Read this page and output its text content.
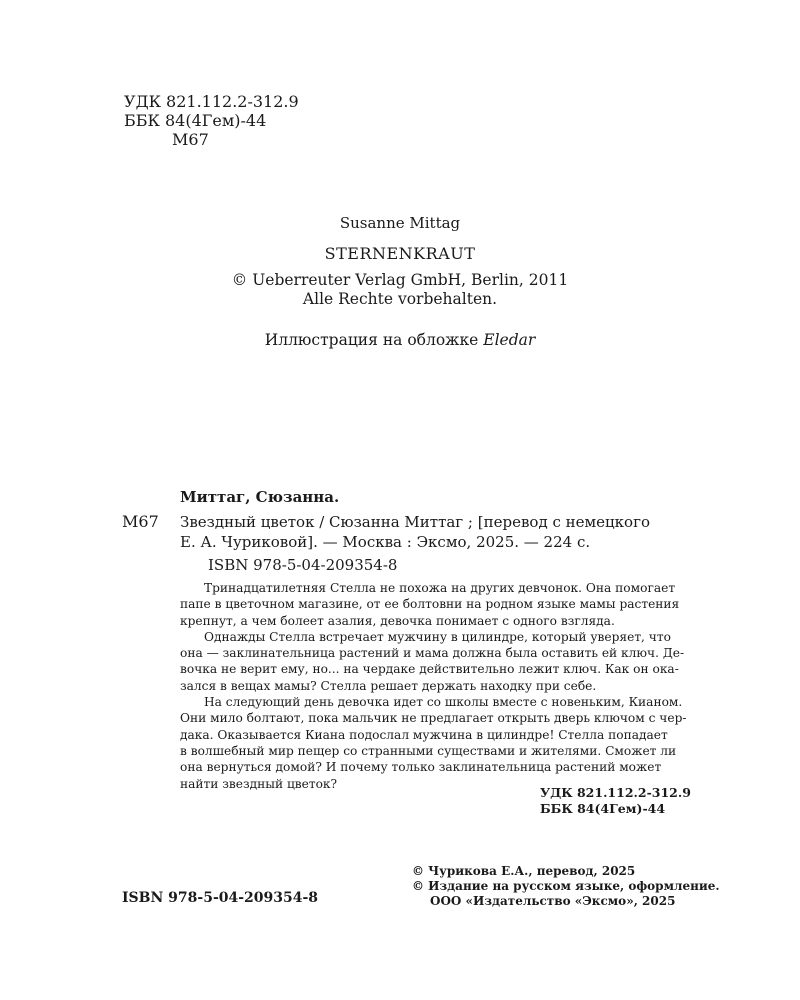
УДК 821.112.2-312.9
ББК 84(4Гем)-44
М67
Susanne Mittag
STERNENKRAUT
© Ueberreuter Verlag GmbH, Berlin, 2011
Alle Rechte vorbehalten.
Иллюстрация на обложке Eledar
Миттаг, Сюзанна.
М67 Звездный цветок / Сюзанна Миттаг ; [перевод с немецкого
Е. А. Чуриковой]. — Москва : Эксмо, 2025. — 224 с.
ISBN 978-5-04-209354-8
Тринадцатилетняя Стелла не похожа на других девчонок. Она помогает
папе в цветочном магазине, от ее болтовни на родном языке мамы растения
крепнут, а чем болеет азалия, девочка понимает с одного взгляда.
Однажды Стелла встречает мужчину в цилиндре, который уверяет, что
она — заклинательница растений и мама должна была оставить ей ключ. Де-
вочка не верит ему, но... на чердаке действительно лежит ключ. Как он ока-
зался в вещах мамы? Стелла решает держать находку при себе.
На следующий день девочка идет со школы вместе с новеньким, Кианом.
Они мило болтают, пока мальчик не предлагает открыть дверь ключом с чер-
дака. Оказывается Киана подослал мужчина в цилиндре! Стелла попадает
в волшебный мир пещер со странными существами и жителями. Сможет ли
она вернуться домой? И почему только заклинательница растений может
найти звездный цветок?
УДК 821.112.2-312.9
ББК 84(4Гем)-44
ISBN 978-5-04-209354-8
© Чурикова Е.А., перевод, 2025
© Издание на русском языке, оформление.
ООО «Издательство «Эксмо», 2025
